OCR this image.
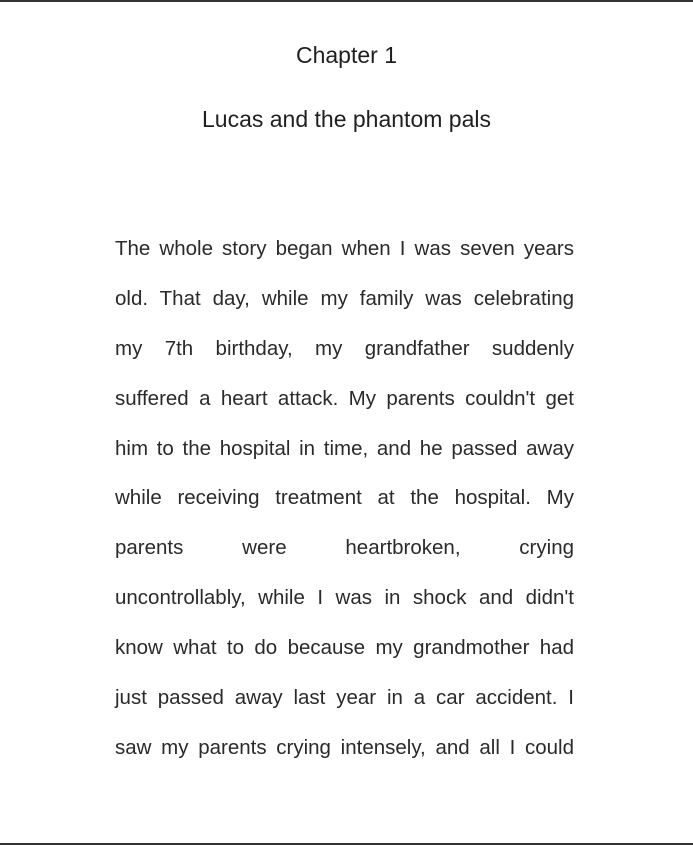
Chapter 1
Lucas and the phantom pals
The whole story began when I was seven years
old. That day, while my family was celebrating
my 7th birthday, my grandfather suddenly
suffered a heart attack. My parents couldn't get
him to the hospital in time, and he passed away
while receiving treatment at the hospital. My
parents were heartbroken, crying
uncontrollably, while I was in shock and didn't
know what to do because my grandmother had
just passed away last year in a car accident. I
saw my parents crying intensely, and all I could
